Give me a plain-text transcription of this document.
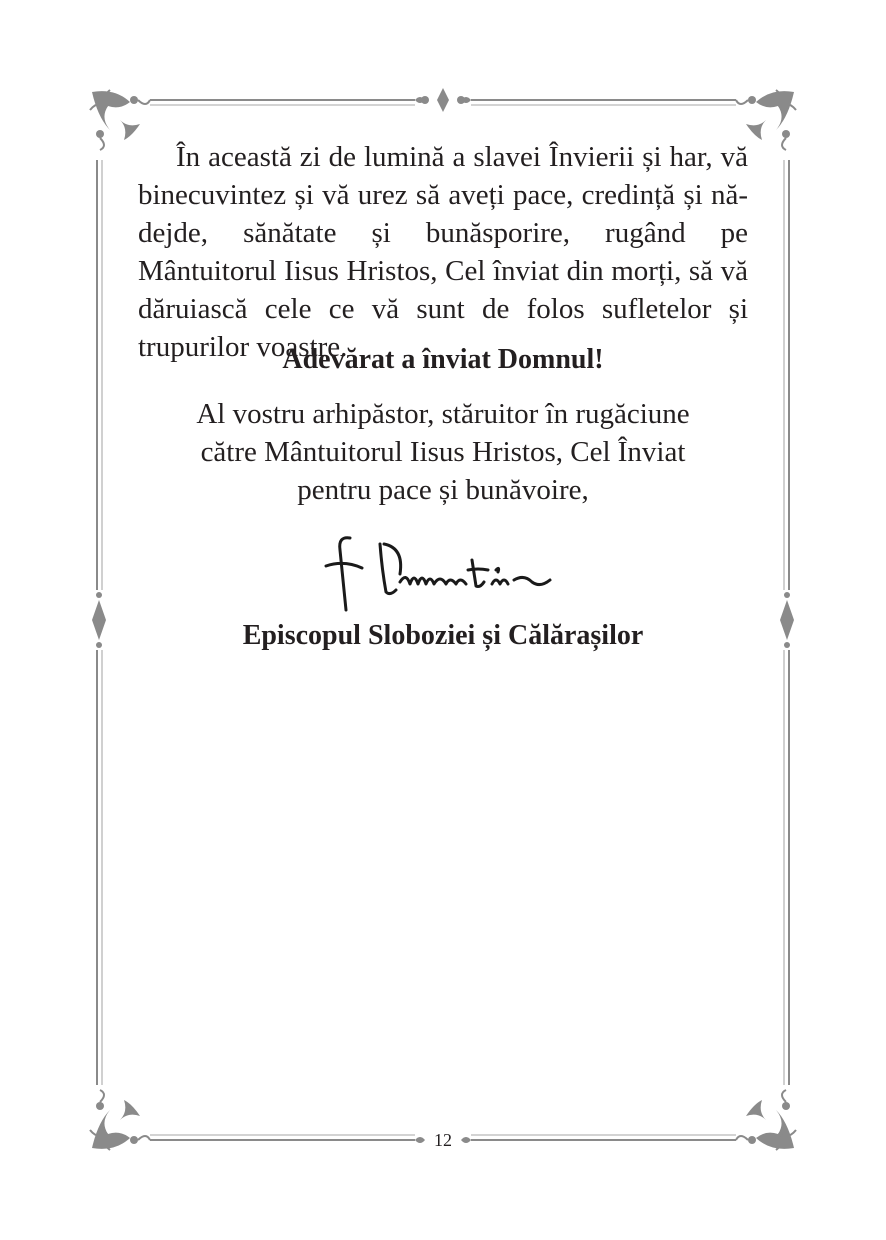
În această zi de lumină a slavei Învierii și har, vă binecuvintez și vă urez să aveți pace, credință și nă- dejde, sănătate și bunăsporire, rugând pe Mântuitorul Iisus Hristos, Cel înviat din morți, să vă dăruiască cele ce vă sunt de folos sufletelor și trupurilor voastre.
Adevărat a înviat Domnul!
Al vostru arhipăstor, stăruitor în rugăciune
către Mântuitorul Iisus Hristos, Cel Înviat
pentru pace și bunăvoire,
Episcopul Sloboziei și Călărașilor
12
